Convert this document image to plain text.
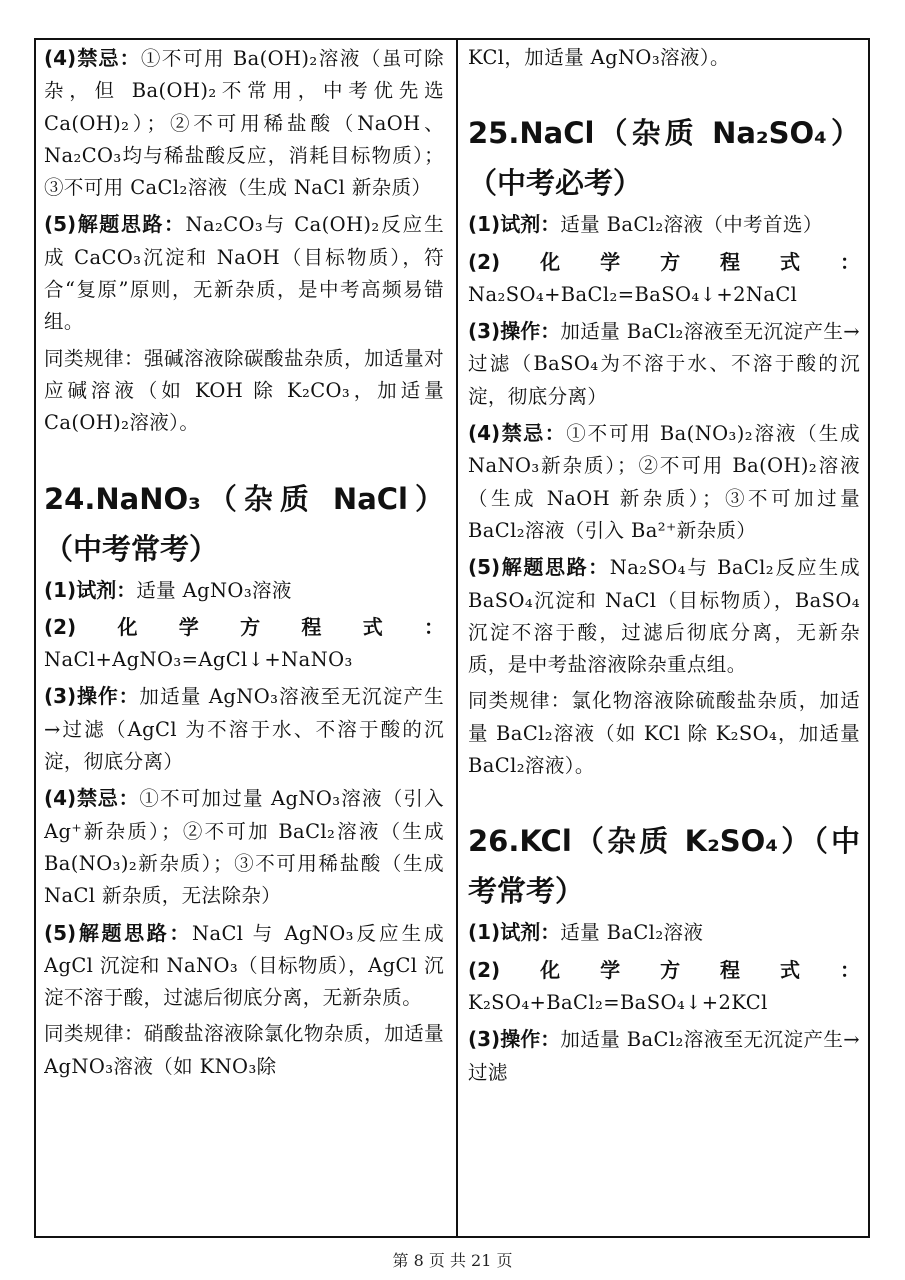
(4)禁忌：①不可用 Ba(OH)₂溶液（虽可除杂，但 Ba(OH)₂不常用，中考优先选 Ca(OH)₂）；②不可用稀盐酸（NaOH、Na₂CO₃均与稀盐酸反应，消耗目标物质）；③不可用 CaCl₂溶液（生成 NaCl 新杂质）

(5)解题思路：Na₂CO₃与 Ca(OH)₂反应生成 CaCO₃沉淀和 NaOH（目标物质），符合“复原”原则，无新杂质，是中考高频易错组。

同类规律：强碱溶液除碳酸盐杂质，加适量对应碱溶液（如 KOH 除 K₂CO₃，加适量 Ca(OH)₂溶液）。

24.NaNO₃（杂质 NaCl）（中考常考）

(1)试剂：适量 AgNO₃溶液

(2)化学方程式：NaCl+AgNO₃=AgCl↓+NaNO₃

(3)操作：加适量 AgNO₃溶液至无沉淀产生→过滤（AgCl 为不溶于水、不溶于酸的沉淀，彻底分离）

(4)禁忌：①不可加过量 AgNO₃溶液（引入 Ag⁺新杂质）；②不可加 BaCl₂溶液（生成 Ba(NO₃)₂新杂质）；③不可用稀盐酸（生成 NaCl 新杂质，无法除杂）

(5)解题思路：NaCl 与 AgNO₃反应生成 AgCl 沉淀和 NaNO₃（目标物质），AgCl 沉淀不溶于酸，过滤后彻底分离，无新杂质。

同类规律：硝酸盐溶液除氯化物杂质，加适量 AgNO₃溶液（如 KNO₃除

KCl，加适量 AgNO₃溶液）。

25.NaCl（杂质 Na₂SO₄）（中考必考）

(1)试剂：适量 BaCl₂溶液（中考首选）

(2)化学方程式：Na₂SO₄+BaCl₂=BaSO₄↓+2NaCl

(3)操作：加适量 BaCl₂溶液至无沉淀产生→过滤（BaSO₄为不溶于水、不溶于酸的沉淀，彻底分离）

(4)禁忌：①不可用 Ba(NO₃)₂溶液（生成 NaNO₃新杂质）；②不可用 Ba(OH)₂溶液（生成 NaOH 新杂质）；③不可加过量 BaCl₂溶液（引入 Ba²⁺新杂质）

(5)解题思路：Na₂SO₄与 BaCl₂反应生成 BaSO₄沉淀和 NaCl（目标物质），BaSO₄沉淀不溶于酸，过滤后彻底分离，无新杂质，是中考盐溶液除杂重点组。

同类规律：氯化物溶液除硫酸盐杂质，加适量 BaCl₂溶液（如 KCl 除 K₂SO₄，加适量 BaCl₂溶液）。

26.KCl（杂质 K₂SO₄）（中考常考）

(1)试剂：适量 BaCl₂溶液

(2)化学方程式：K₂SO₄+BaCl₂=BaSO₄↓+2KCl

(3)操作：加适量 BaCl₂溶液至无沉淀产生→过滤

第 8 页 共 21 页
